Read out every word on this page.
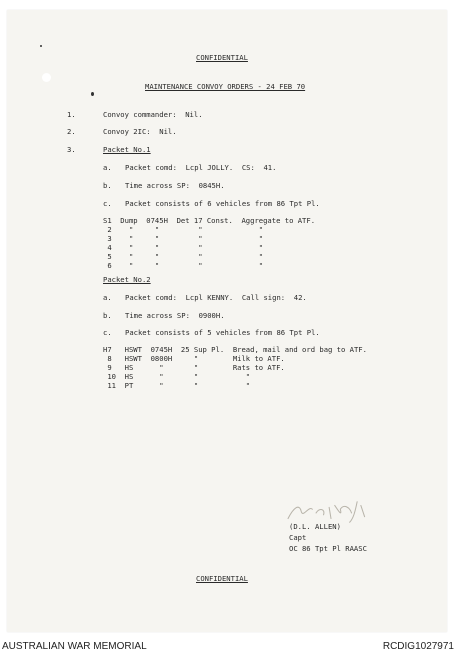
CONFIDENTIAL
MAINTENANCE CONVOY ORDERS - 24 FEB 70
1.	Convoy commander:  Nil.
2.	Convoy 2IC:  Nil.
3.	Packet No.1
a. Packet comd:  Lcpl JOLLY.  CS:  41.
b. Time across SP:  0845H.
c. Packet consists of 6 vehicles from 86 Tpt Pl.
S1  Dump  0745H  Det 17 Const.  Aggregate to ATF.
2    "     "         "             "
3    "     "         "             "
4    "     "         "             "
5    "     "         "             "
6    "     "         "             "
Packet No.2
a. Packet comd:  Lcpl KENNY.  Call sign:  42.
b. Time across SP:  0900H.
c. Packet consists of 5 vehicles from 86 Tpt Pl.
H7   HSWT  0745H  25 Sup Pl.  Bread, mail and ord bag to ATF.
8   HSWT  0800H     "        Milk to ATF.
9   HS      "       "        Rats to ATF.
10  HS      "       "           "
11  PT      "       "           "
(D.L. ALLEN)
Capt
OC 86 Tpt Pl RAASC
CONFIDENTIAL
AUSTRALIAN WAR MEMORIAL	RCDIG1027971
